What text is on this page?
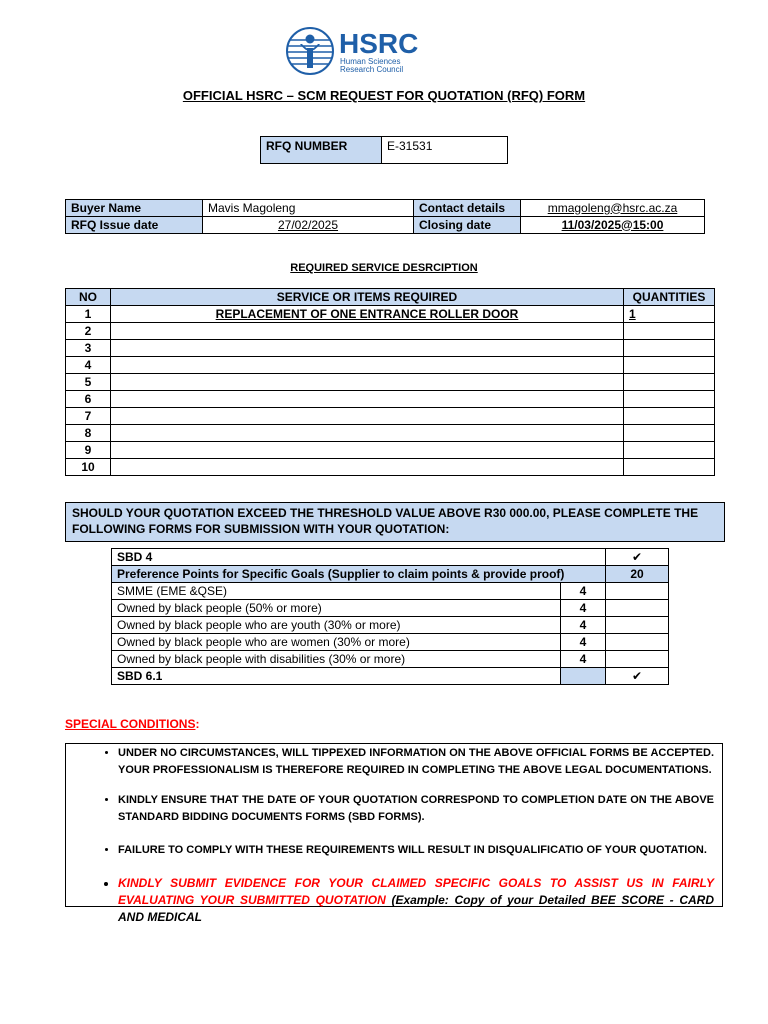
HSRC
Human Sciences
Research Council
OFFICIAL HSRC – SCM REQUEST FOR QUOTATION (RFQ) FORM
RFQ NUMBER	E-31531
Buyer Name	Mavis Magoleng	Contact details	mmagoleng@hsrc.ac.za
RFQ Issue date	27/02/2025	Closing date	11/03/2025@15:00
REQUIRED SERVICE DESRCIPTION
NO	SERVICE OR ITEMS REQUIRED	QUANTITIES
1	REPLACEMENT OF ONE ENTRANCE ROLLER DOOR	1
2		
3		
4		
5		
6		
7		
8		
9		
10		
SHOULD YOUR QUOTATION EXCEED THE THRESHOLD VALUE ABOVE R30 000.00, PLEASE COMPLETE THE FOLLOWING FORMS FOR SUBMISSION WITH YOUR QUOTATION:
SBD 4		✔
Preference Points for Specific Goals (Supplier to claim points & provide proof)		20
SMME (EME &QSE)	4	
Owned by black people (50% or more)	4	
Owned by black people who are youth (30% or more)	4	
Owned by black people who are women (30% or more)	4	
Owned by black people with disabilities (30% or more)	4	
SBD 6.1		✔
SPECIAL CONDITIONS:
• UNDER NO CIRCUMSTANCES, WILL TIPPEXED INFORMATION ON THE ABOVE OFFICIAL FORMS BE ACCEPTED. YOUR PROFESSIONALISM IS THEREFORE REQUIRED IN COMPLETING THE ABOVE LEGAL DOCUMENTATIONS.
• KINDLY ENSURE THAT THE DATE OF YOUR QUOTATION CORRESPOND TO COMPLETION DATE ON THE ABOVE STANDARD BIDDING DOCUMENTS FORMS (SBD FORMS).
• FAILURE TO COMPLY WITH THESE REQUIREMENTS WILL RESULT IN DISQUALIFICATIO OF YOUR QUOTATION.
• KINDLY SUBMIT EVIDENCE FOR YOUR CLAIMED SPECIFIC GOALS TO ASSIST US IN FAIRLY EVALUATING YOUR SUBMITTED QUOTATION (Example: Copy of your Detailed BEE SCORE - CARD AND MEDICAL
